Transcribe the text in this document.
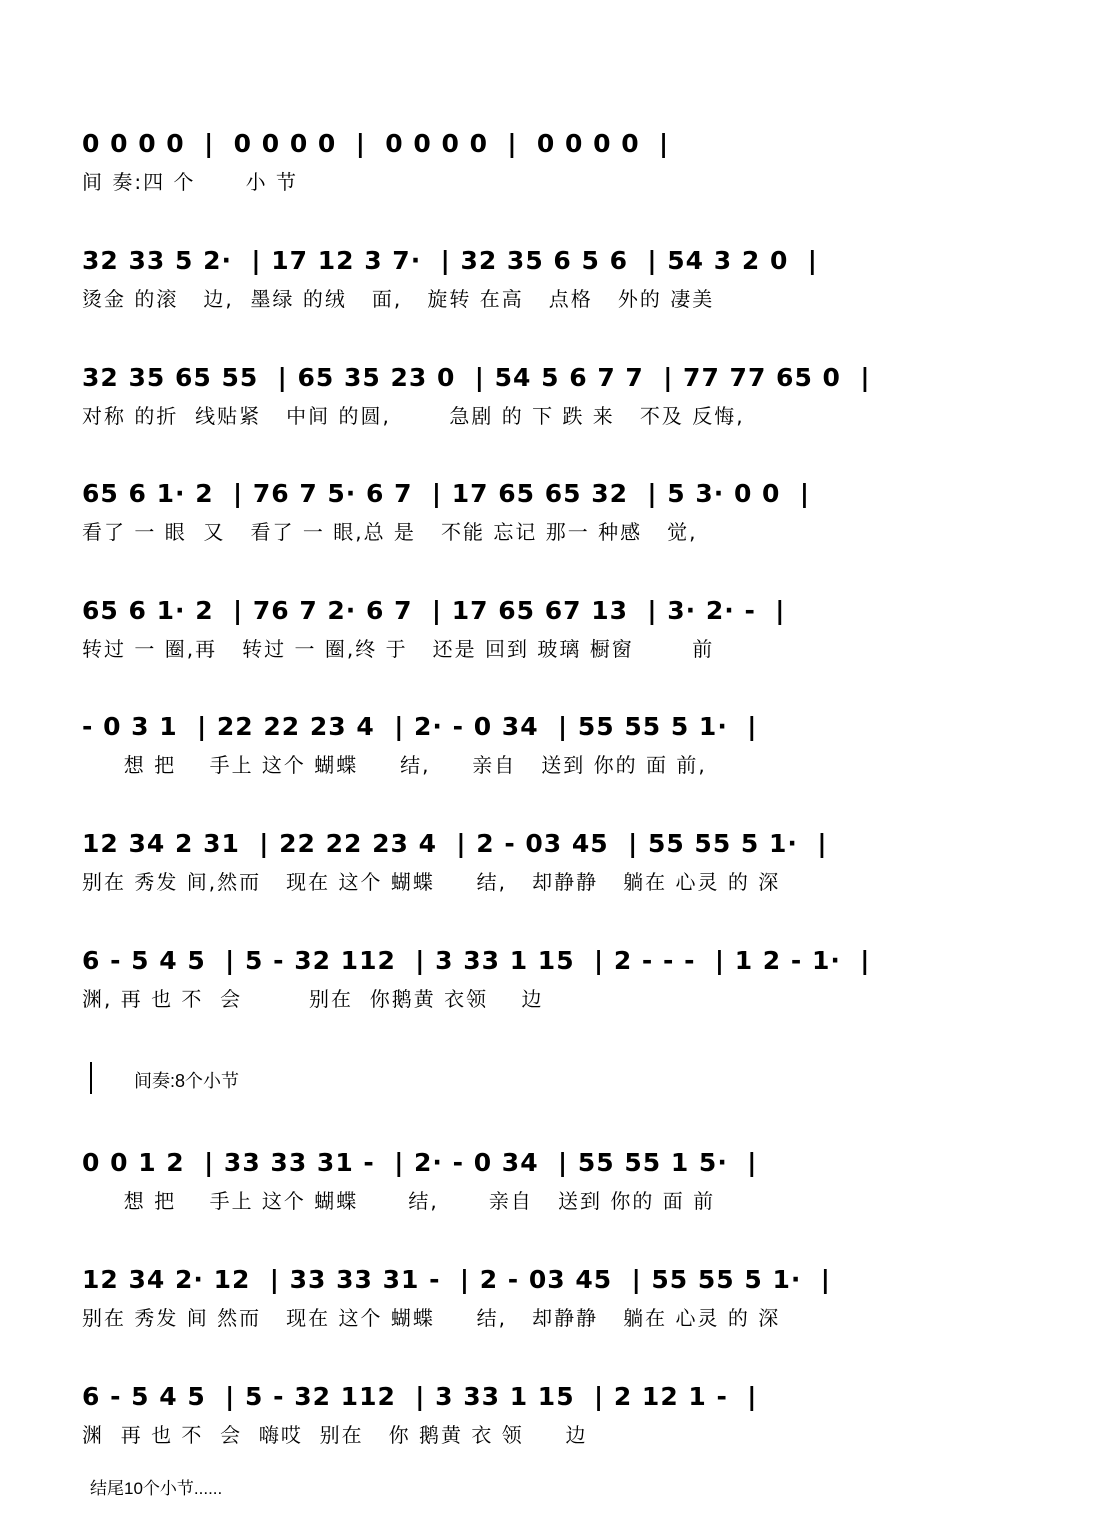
0 0 0 0  |  0 0 0 0  |  0 0 0 0  |  0 0 0 0  |
间 奏:四 个      小 节
32 33 5 2·  | 17 12 3 7·  | 32 35 6 5 6  | 54 3 2 0  |
烫金 的滚   边,  墨绿 的绒   面,   旋转 在高   点格   外的 凄美
32 35 65 55  | 65 35 23 0  | 54 5 6 7 7  | 77 77 65 0  |
对称 的折  线贴紧   中间 的圆,       急剧 的 下 跌 来   不及 反悔,
65 6 1· 2  | 76 7 5· 6 7  | 17 65 65 32  | 5 3· 0 0  |
看了 一 眼  又   看了 一 眼,总 是   不能 忘记 那一 种感   觉,
65 6 1· 2  | 76 7 2· 6 7  | 17 65 67 13  | 3· 2· -  |
转过 一 圈,再   转过 一 圈,终 于   还是 回到 玻璃 橱窗       前
- 0 3 1  | 22 22 23 4  | 2· - 0 34  | 55 55 5 1·  |
想 把    手上 这个 蝴蝶     结,     亲自   送到 你的 面 前,
12 34 2 31  | 22 22 23 4  | 2 - 03 45  | 55 55 5 1·  |
别在 秀发 间,然而   现在 这个 蝴蝶     结,   却静静   躺在 心灵 的 深
6 - 5 4 5  | 5 - 32 112  | 3 33 1 15  | 2 - - -  | 1 2 - 1·  |
渊, 再 也 不  会        别在  你鹅黄 衣领    边
间奏:8个小节
0 0 1 2  | 33 33 31 -  | 2· - 0 34  | 55 55 1 5·  |
想 把    手上 这个 蝴蝶      结,      亲自   送到 你的 面 前
12 34 2· 12  | 33 33 31 -  | 2 - 03 45  | 55 55 5 1·  |
别在 秀发 间 然而   现在 这个 蝴蝶     结,   却静静   躺在 心灵 的 深
6 - 5 4 5  | 5 - 32 112  | 3 33 1 15  | 2 12 1 -  |
渊  再 也 不  会  嗨哎  别在   你 鹅黄 衣 领     边
结尾10个小节......
